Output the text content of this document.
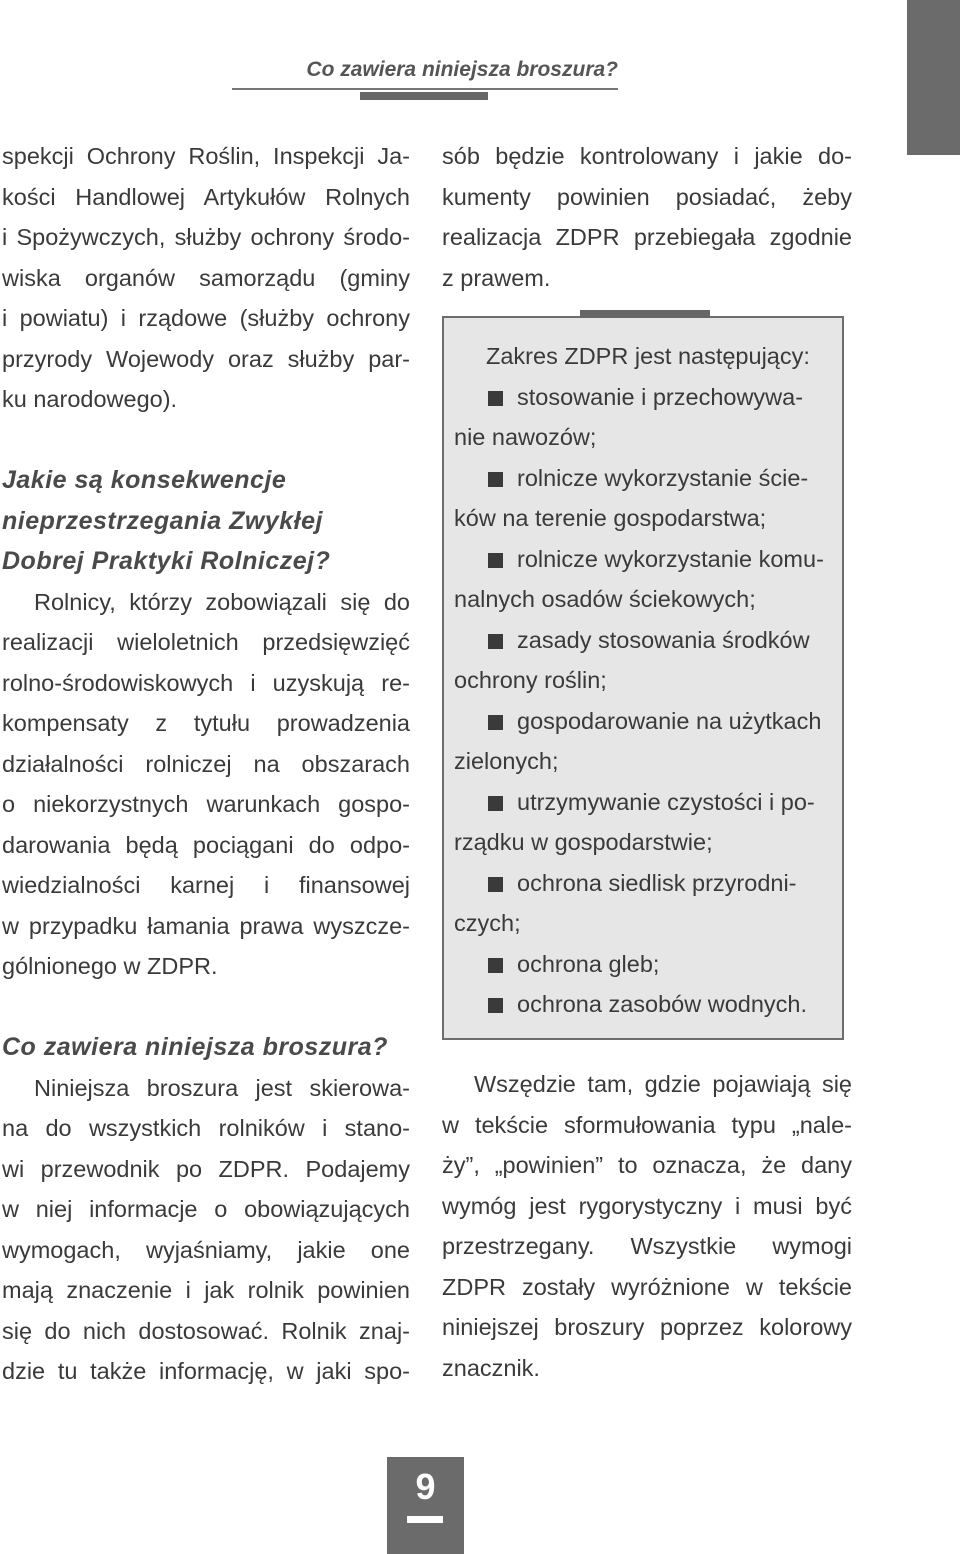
Co zawiera niniejsza broszura?
spekcji Ochrony Roślin, Inspekcji Ja-
kości Handlowej Artykułów Rolnych
i Spożywczych, służby ochrony środo-
wiska organów samorządu (gminy
i powiatu) i rządowe (służby ochrony
przyrody Wojewody oraz służby par-
ku narodowego).
Jakie są konsekwencje
nieprzestrzegania Zwykłej
Dobrej Praktyki Rolniczej?
Rolnicy, którzy zobowiązali się do
realizacji wieloletnich przedsięwzięć
rolno-środowiskowych i uzyskują re-
kompensaty z tytułu prowadzenia
działalności rolniczej na obszarach
o niekorzystnych warunkach gospo-
darowania będą pociągani do odpo-
wiedzialności karnej i finansowej
w przypadku łamania prawa wyszcze-
gólnionego w ZDPR.
Co zawiera niniejsza broszura?
Niniejsza broszura jest skierowa-
na do wszystkich rolników i stano-
wi przewodnik po ZDPR. Podajemy
w niej informacje o obowiązujących
wymogach, wyjaśniamy, jakie one
mają znaczenie i jak rolnik powinien
się do nich dostosować. Rolnik znaj-
dzie tu także informację, w jaki spo-
sób będzie kontrolowany i jakie do-
kumenty powinien posiadać, żeby
realizacja ZDPR przebiegała zgodnie
z prawem.
Zakres ZDPR jest następujący:
stosowanie i przechowywa-
nie nawozów;
rolnicze wykorzystanie ście-
ków na terenie gospodarstwa;
rolnicze wykorzystanie komu-
nalnych osadów ściekowych;
zasady stosowania środków
ochrony roślin;
gospodarowanie na użytkach
zielonych;
utrzymywanie czystości i po-
rządku w gospodarstwie;
ochrona siedlisk przyrodni-
czych;
ochrona gleb;
ochrona zasobów wodnych.
Wszędzie tam, gdzie pojawiają się
w tekście sformułowania typu „nale-
ży”, „powinien” to oznacza, że dany
wymóg jest rygorystyczny i musi być
przestrzegany. Wszystkie wymogi
ZDPR zostały wyróżnione w tekście
niniejszej broszury poprzez kolorowy
znacznik.
9
